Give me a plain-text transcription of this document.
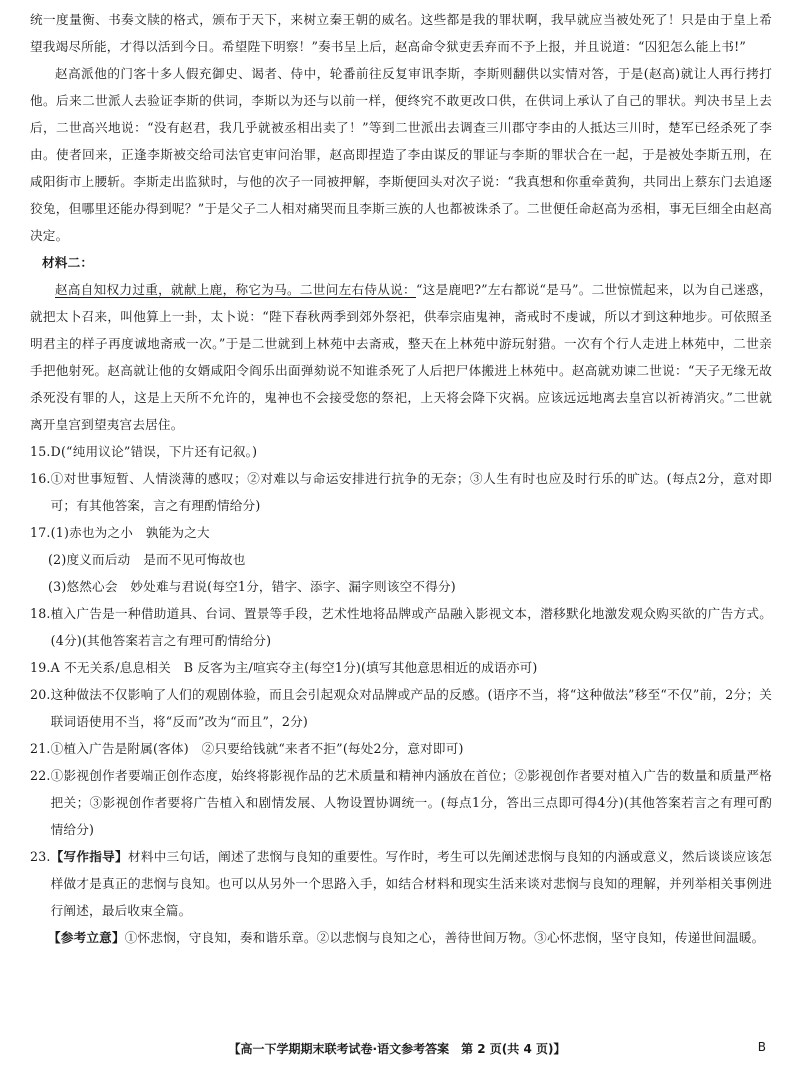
统一度量衡、书奏文牍的格式，颁布于天下，来树立秦王朝的威名。这些都是我的罪状啊，我早就应当被处死了！只是由于皇上希望我竭尽所能，才得以活到今日。希望陛下明察！”奏书呈上后，赵高命令狱吏丢弃而不予上报，并且说道：“囚犯怎么能上书!”

赵高派他的门客十多人假充御史、谒者、侍中，轮番前往反复审讯李斯，李斯则翻供以实情对答，于是(赵高)就让人再行拷打他。后来二世派人去验证李斯的供词，李斯以为还与以前一样，便终究不敢更改口供，在供词上承认了自己的罪状。判决书呈上去后，二世高兴地说：“没有赵君，我几乎就被丞相出卖了！”等到二世派出去调查三川郡守李由的人抵达三川时，楚军已经杀死了李由。使者回来，正逢李斯被交给司法官吏审问治罪，赵高即捏造了李由谋反的罪证与李斯的罪状合在一起，于是被处李斯五刑，在咸阳街市上腰斩。李斯走出监狱时，与他的次子一同被押解，李斯便回头对次子说：“我真想和你重牵黄狗，共同出上蔡东门去追逐狡兔，但哪里还能办得到呢？”于是父子二人相对痛哭而且李斯三族的人也都被诛杀了。二世便任命赵高为丞相，事无巨细全由赵高决定。

材料二：

赵高自知权力过重，就献上鹿，称它为马。二世问左右侍从说：“这是鹿吧?”左右都说“是马”。二世惊慌起来，以为自己迷惑，就把太卜召来，叫他算上一卦，太卜说：“陛下春秋两季到郊外祭祀，供奉宗庙鬼神，斋戒时不虔诚，所以才到这种地步。可依照圣明君主的样子再度诚地斋戒一次。”于是二世就到上林苑中去斋戒，整天在上林苑中游玩射猎。一次有个行人走进上林苑中，二世亲手把他射死。赵高就让他的女婿咸阳令阎乐出面弹劾说不知谁杀死了人后把尸体搬进上林苑中。赵高就劝谏二世说：“天子无缘无故杀死没有罪的人，这是上天所不允许的，鬼神也不会接受您的祭祀，上天将会降下灾祸。应该远远地离去皇宫以祈祷消灾。”二世就离开皇宫到望夷宫去居住。

15. D(“纯用议论”错误，下片还有记叙。)
16. ①对世事短暂、人情淡薄的感叹；②对难以与命运安排进行抗争的无奈；③人生有时也应及时行乐的旷达。(每点2分，意对即可；有其他答案，言之有理酌情给分)
17. (1)赤也为之小　孰能为之大

(2)度义而后动　是而不见可悔故也

(3)悠然心会　妙处难与君说(每空1分，错字、添字、漏字则该空不得分)

18. 植入广告是一种借助道具、台词、置景等手段，艺术性地将品牌或产品融入影视文本，潜移默化地激发观众购买欲的广告方式。(4分)(其他答案若言之有理可酌情给分)
19. A 不无关系/息息相关　B 反客为主/喧宾夺主(每空1分)(填写其他意思相近的成语亦可)
20. 这种做法不仅影响了人们的观剧体验，而且会引起观众对品牌或产品的反感。(语序不当，将“这种做法”移至“不仅”前，2分；关联词语使用不当，将“反而”改为“而且”，2分)
21. ①植入广告是附属(客体)　②只要给钱就“来者不拒”(每处2分，意对即可)
22. ①影视创作者要端正创作态度，始终将影视作品的艺术质量和精神内涵放在首位；②影视创作者要对植入广告的数量和质量严格把关；③影视创作者要将广告植入和剧情发展、人物设置协调统一。(每点1分，答出三点即可得4分)(其他答案若言之有理可酌情给分)
23. 【写作指导】材料中三句话，阐述了悲悯与良知的重要性。写作时，考生可以先阐述悲悯与良知的内涵或意义，然后谈谈应该怎样做才是真正的悲悯与良知。也可以从另外一个思路入手，如结合材料和现实生活来谈对悲悯与良知的理解，并列举相关事例进行阐述，最后收束全篇。

【参考立意】①怀悲悯，守良知，奏和谐乐章。②以悲悯与良知之心，善待世间万物。③心怀悲悯，坚守良知，传递世间温暖。

【高一下学期期末联考试卷·语文参考答案　第 2 页(共 4 页)】	B
